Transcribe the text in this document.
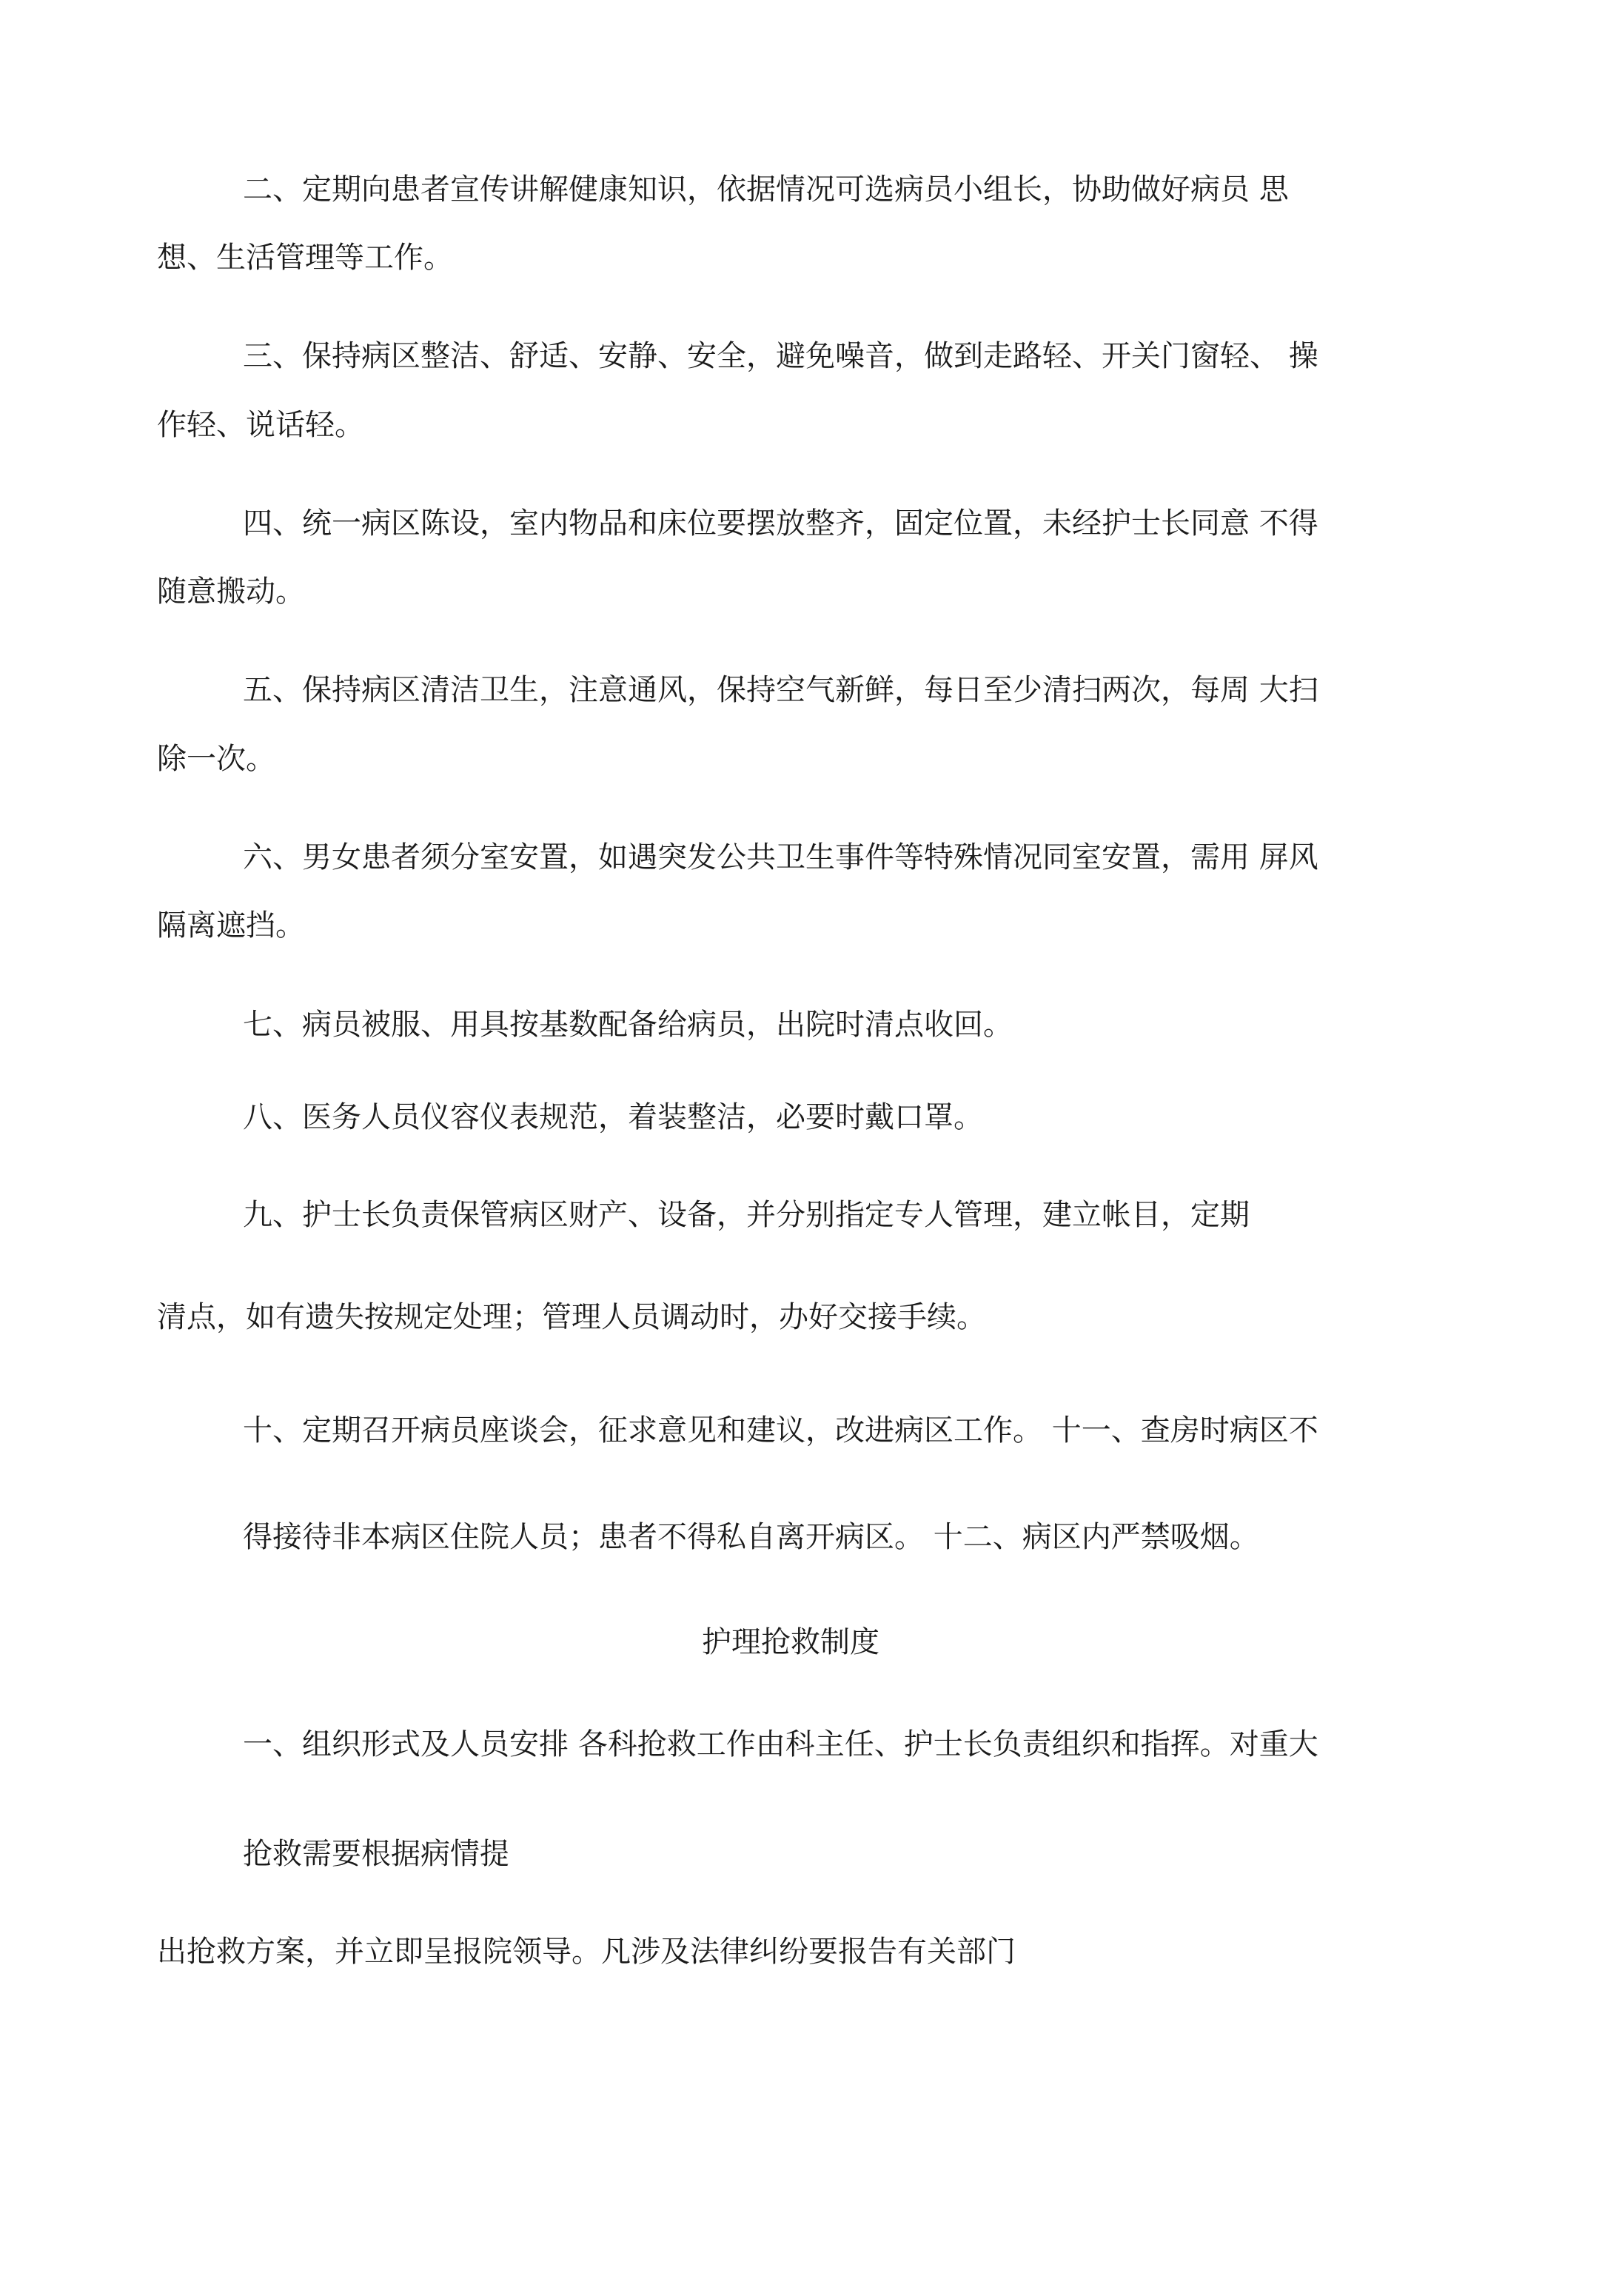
二、定期向患者宣传讲解健康知识，依据情况可选病员小组长，协助做好病员 思
想、生活管理等工作。
三、保持病区整洁、舒适、安静、安全，避免噪音，做到走路轻、开关门窗轻、 操
作轻、说话轻。
四、统一病区陈设，室内物品和床位要摆放整齐，固定位置，未经护士长同意 不得
随意搬动。
五、保持病区清洁卫生，注意通风，保持空气新鲜，每日至少清扫两次，每周 大扫
除一次。
六、男女患者须分室安置，如遇突发公共卫生事件等特殊情况同室安置，需用 屏风
隔离遮挡。
七、病员被服、用具按基数配备给病员，出院时清点收回。
八、医务人员仪容仪表规范，着装整洁，必要时戴口罩。
九、护士长负责保管病区财产、设备，并分别指定专人管理，建立帐目，定期
清点，如有遗失按规定处理；管理人员调动时，办好交接手续。
十、定期召开病员座谈会，征求意见和建议，改进病区工作。 十一、查房时病区不
得接待非本病区住院人员；患者不得私自离开病区。 十二、病区内严禁吸烟。
护理抢救制度
一、组织形式及人员安排 各科抢救工作由科主任、护士长负责组织和指挥。对重大
抢救需要根据病情提
出抢救方案，并立即呈报院领导。凡涉及法律纠纷要报告有关部门
